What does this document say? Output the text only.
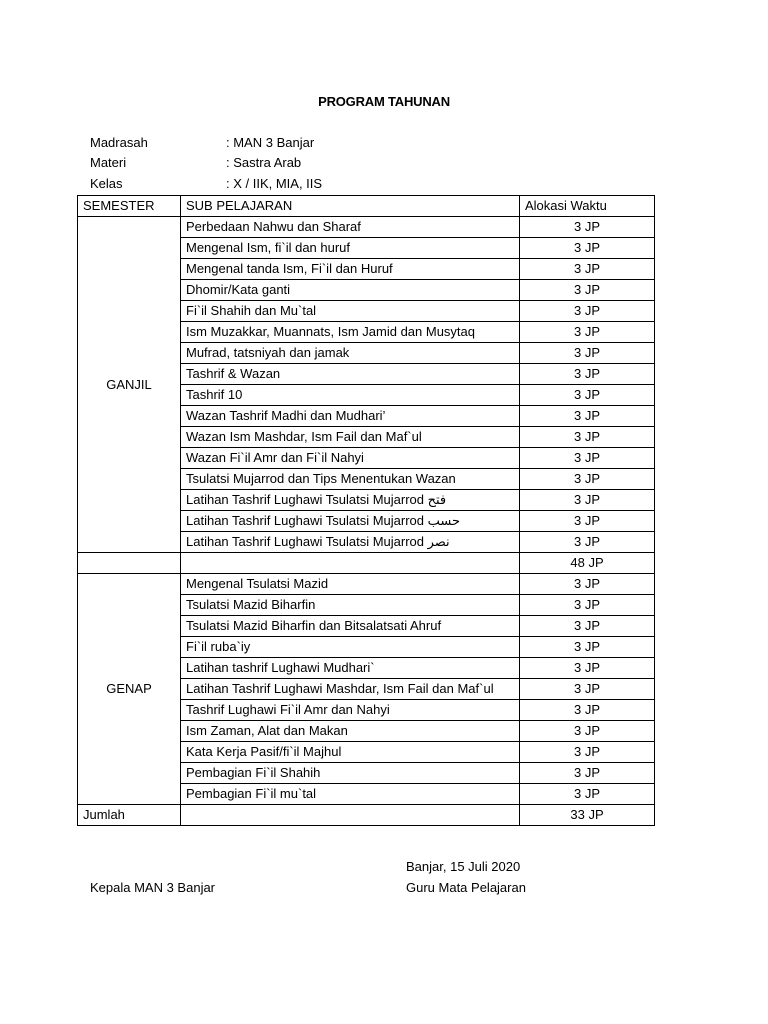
PROGRAM TAHUNAN
Madrasah	: MAN 3 Banjar
Materi	: Sastra Arab
Kelas	: X / IIK, MIA, IIS
SEMESTER	SUB PELAJARAN	Alokasi Waktu
GANJIL	Perbedaan Nahwu dan Sharaf	3 JP
	Mengenal Ism, fi`il dan huruf	3 JP
	Mengenal tanda Ism, Fi`il dan Huruf	3 JP
	Dhomir/Kata ganti	3 JP
	Fi`il Shahih dan Mu`tal	3 JP
	Ism Muzakkar, Muannats, Ism Jamid dan Musytaq	3 JP
	Mufrad, tatsniyah dan jamak	3 JP
	Tashrif & Wazan	3 JP
	Tashrif 10	3 JP
	Wazan Tashrif Madhi dan Mudhari’	3 JP
	Wazan Ism Mashdar, Ism Fail dan Maf`ul	3 JP
	Wazan Fi`il Amr dan Fi`il Nahyi	3 JP
	Tsulatsi Mujarrod dan Tips Menentukan Wazan	3 JP
	Latihan Tashrif Lughawi Tsulatsi Mujarrod فتح	3 JP
	Latihan Tashrif Lughawi Tsulatsi Mujarrod حسب	3 JP
	Latihan Tashrif Lughawi Tsulatsi Mujarrod نصر	3 JP
		48 JP
GENAP	Mengenal Tsulatsi Mazid	3 JP
	Tsulatsi Mazid Biharfin	3 JP
	Tsulatsi Mazid Biharfin dan Bitsalatsati Ahruf	3 JP
	Fi`il ruba`iy	3 JP
	Latihan tashrif Lughawi Mudhari`	3 JP
	Latihan Tashrif Lughawi Mashdar, Ism Fail dan Maf`ul	3 JP
	Tashrif Lughawi Fi`il Amr dan Nahyi	3 JP
	Ism Zaman, Alat dan Makan	3 JP
	Kata Kerja Pasif/fi`il Majhul	3 JP
	Pembagian Fi`il Shahih	3 JP
	Pembagian Fi`il mu`tal	3 JP
Jumlah		33 JP
Banjar, 15 Juli 2020
Kepala MAN 3 Banjar	Guru Mata Pelajaran
